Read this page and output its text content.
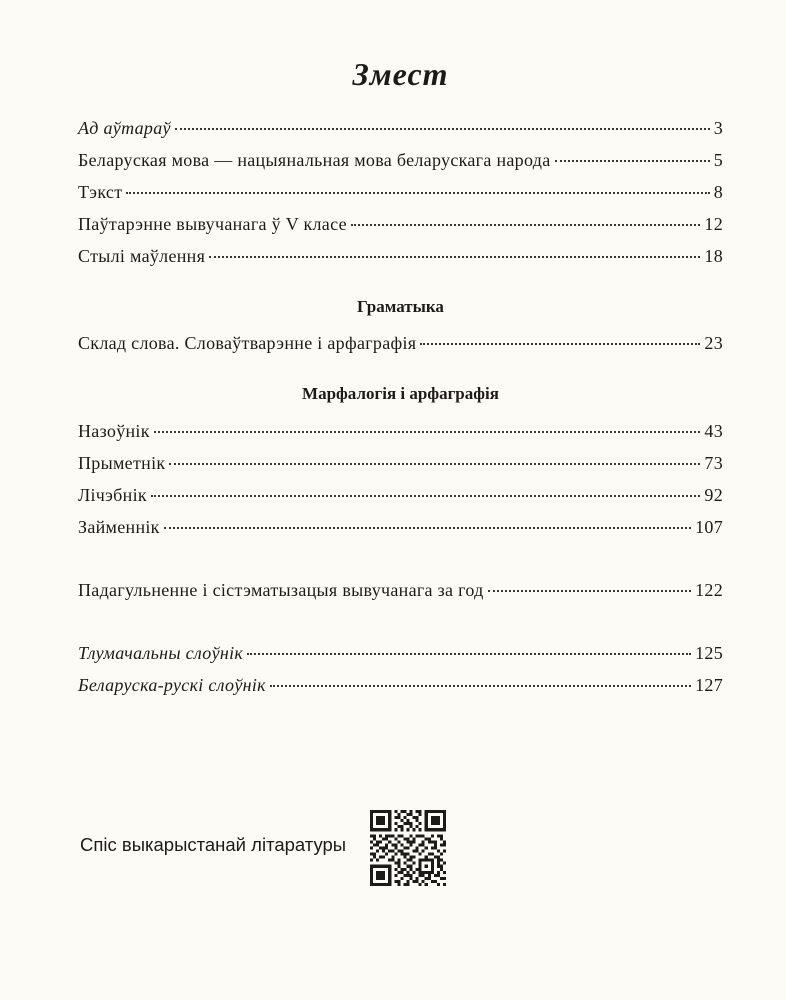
Змест
Ад аўтараў	3
Беларуская мова — нацыянальная мова беларускага народа	5
Тэкст	8
Паўтарэнне вывучанага ў V класе	12
Стылі маўлення	18
Граматыка
Склад слова. Словаўтварэнне і арфаграфія	23
Марфалогія і арфаграфія
Назоўнік	43
Прыметнік	73
Лічэбнік	92
Займеннік	107
Падагульненне і сістэматызацыя вывучанага за год	122
Тлумачальны слоўнік	125
Беларуска-рускі слоўнік	127
Спіс выкарыстанай літаратуры
